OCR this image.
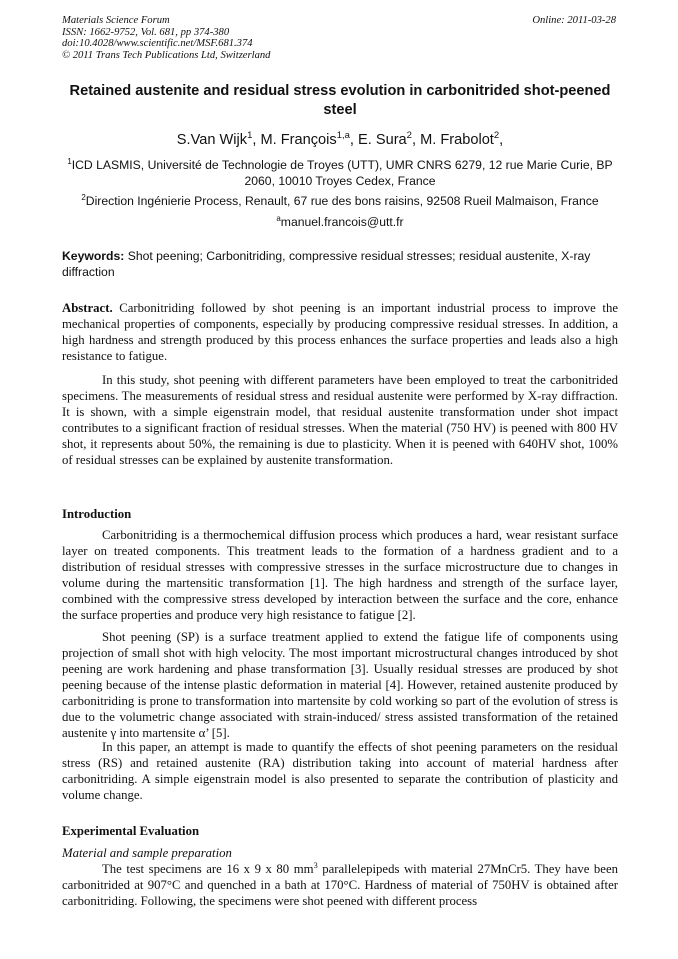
Materials Science Forum
ISSN: 1662-9752, Vol. 681, pp 374-380
doi:10.4028/www.scientific.net/MSF.681.374
© 2011 Trans Tech Publications Ltd, Switzerland
Online: 2011-03-28
Retained austenite and residual stress evolution in carbonitrided shot-peened steel
S.Van Wijk$^1$, M. François$^{1,a}$, E. Sura$^2$, M. Frabolot$^2$,
$^1$ICD LASMIS, Université de Technologie de Troyes (UTT), UMR CNRS 6279, 12 rue Marie Curie, BP 2060, 10010 Troyes Cedex, France
$^2$Direction Ingénierie Process, Renault, 67 rue des bons raisins, 92508 Rueil Malmaison, France
$^a$manuel.francois@utt.fr
Keywords: Shot peening; Carbonitriding, compressive residual stresses; residual austenite, X-ray diffraction

Abstract. Carbonitriding followed by shot peening is an important industrial process to improve the mechanical properties of components, especially by producing compressive residual stresses. In addition, a high hardness and strength produced by this process enhances the surface properties and leads also a high resistance to fatigue.

In this study, shot peening with different parameters have been employed to treat the carbonitrided specimens. The measurements of residual stress and residual austenite were performed by X-ray diffraction. It is shown, with a simple eigenstrain model, that residual austenite transformation under shot impact contributes to a significant fraction of residual stresses. When the material (750 HV) is peened with 800 HV shot, it represents about 50%, the remaining is due to plasticity. When it is peened with 640HV shot, 100% of residual stresses can be explained by austenite transformation.

Introduction

Carbonitriding is a thermochemical diffusion process which produces a hard, wear resistant surface layer on treated components. This treatment leads to the formation of a hardness gradient and to a distribution of residual stresses with compressive stresses in the surface microstructure due to changes in volume during the martensitic transformation [1]. The high hardness and strength of the surface layer, combined with the compressive stress developed by interaction between the surface and the core, enhance the surface properties and produce very high resistance to fatigue [2].

Shot peening (SP) is a surface treatment applied to extend the fatigue life of components using projection of small shot with high velocity. The most important microstructural changes introduced by shot peening are work hardening and phase transformation [3]. Usually residual stresses are produced by shot peening because of the intense plastic deformation in material [4]. However, retained austenite produced by carbonitriding is prone to transformation into martensite by cold working so part of the evolution of stress is due to the volumetric change associated with strain-induced/ stress assisted transformation of the retained austenite γ into martensite α’ [5].

In this paper, an attempt is made to quantify the effects of shot peening parameters on the residual stress (RS) and retained austenite (RA) distribution taking into account of material hardness after carbonitriding. A simple eigenstrain model is also presented to separate the contribution of plasticity and volume change.

Experimental Evaluation
Material and sample preparation

The test specimens are 16 x 9 x 80 $mm^3$ parallelepipeds with material 27MnCr5. They have been carbonitrided at 907°C and quenched in a bath at 170°C. Hardness of material of 750HV is obtained after carbonitriding. Following, the specimens were shot peened with different process
